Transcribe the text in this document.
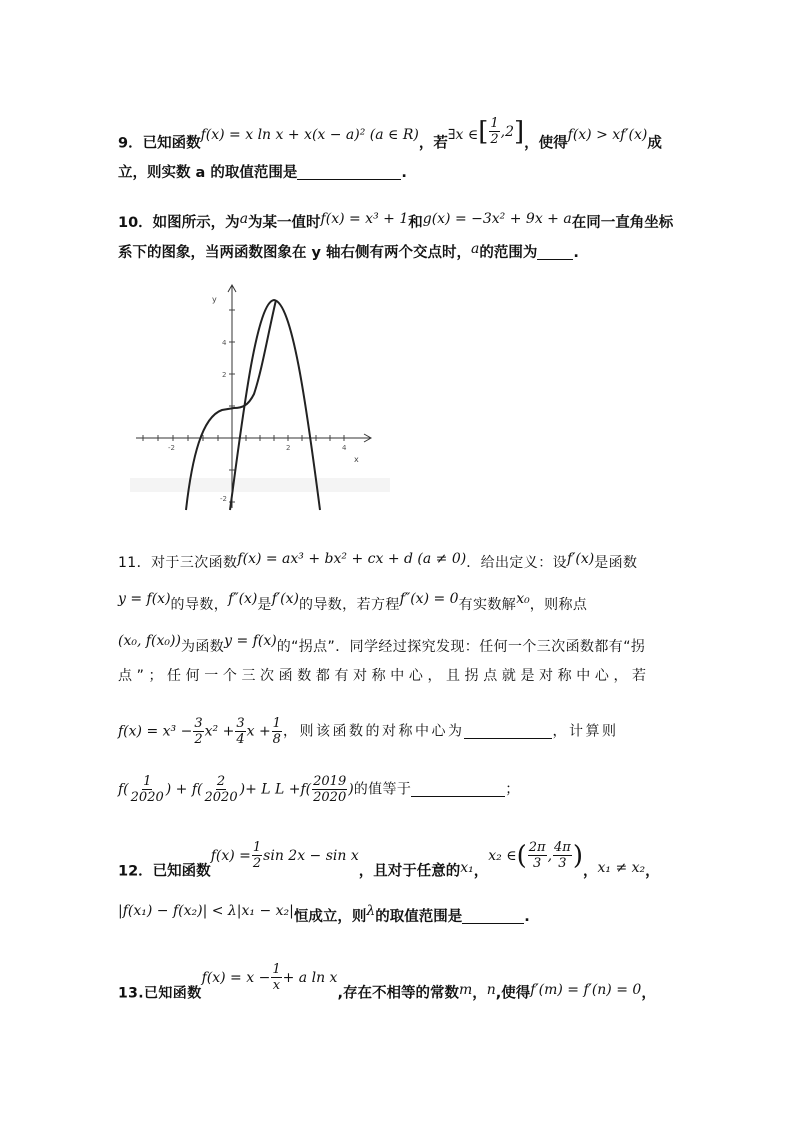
9．已知函数f(x) = x ln x + x(x − a)² (a ∈ R)，若∃x ∈[ $\frac{1}{2} ,2$]，使得f(x) > xf′(x)成
立，则实数 a 的取值范围是	.
10．如图所示，为a为某一值时f(x) = x³ + 1和g(x) = −3x² + 9x + a在同一直角坐标
系下的图象，当两函数图象在 y 轴右侧有两个交点时，a的范围为 .
y
x
-2	2	4
4
2
-2
11．对于三次函数f(x) = ax³ + bx² + cx + d (a ≠ 0)．给出定义：设f′(x)是函数
y = f(x)的导数，f″(x)是f′(x)的导数，若方程f″(x) = 0有实数解x₀，则称点
(x₀, f(x₀))为函数y = f(x)的“拐点”．同学经过探究发现：任何一个三次函数都有“拐
点”；任何一个三次函数都有对称中心，且拐点就是对称中心，若
$f(x) = x^3 - \frac{3}{2} x^2 + \frac{3}{4}$ $x + \frac{1}{8}$ ，则该函数的对称中心为	，计算则
$f( \frac{1}{2020}$ ) + $f( \frac{2}{2020}$ )+ L $L +f( \frac{2019}{2020}$ )的值等于	；
12．已知函数$f(x) = \frac{1}{2}$ sin 2x − sin x，且对于任意的x₁，x₂ ∈( $\frac{2\pi}{3}$ , $\frac{4\pi}{3}$ )，x₁ ≠ x₂，
|f(x₁) − f(x₂)| < λ|x₁ − x₂|恒成立，则λ的取值范围是	.
13.已知函数$f(x) = x - \frac{1}{x} + a$ ln x,存在不相等的常数m，n,使得f′(m) = f′(n) = 0，
